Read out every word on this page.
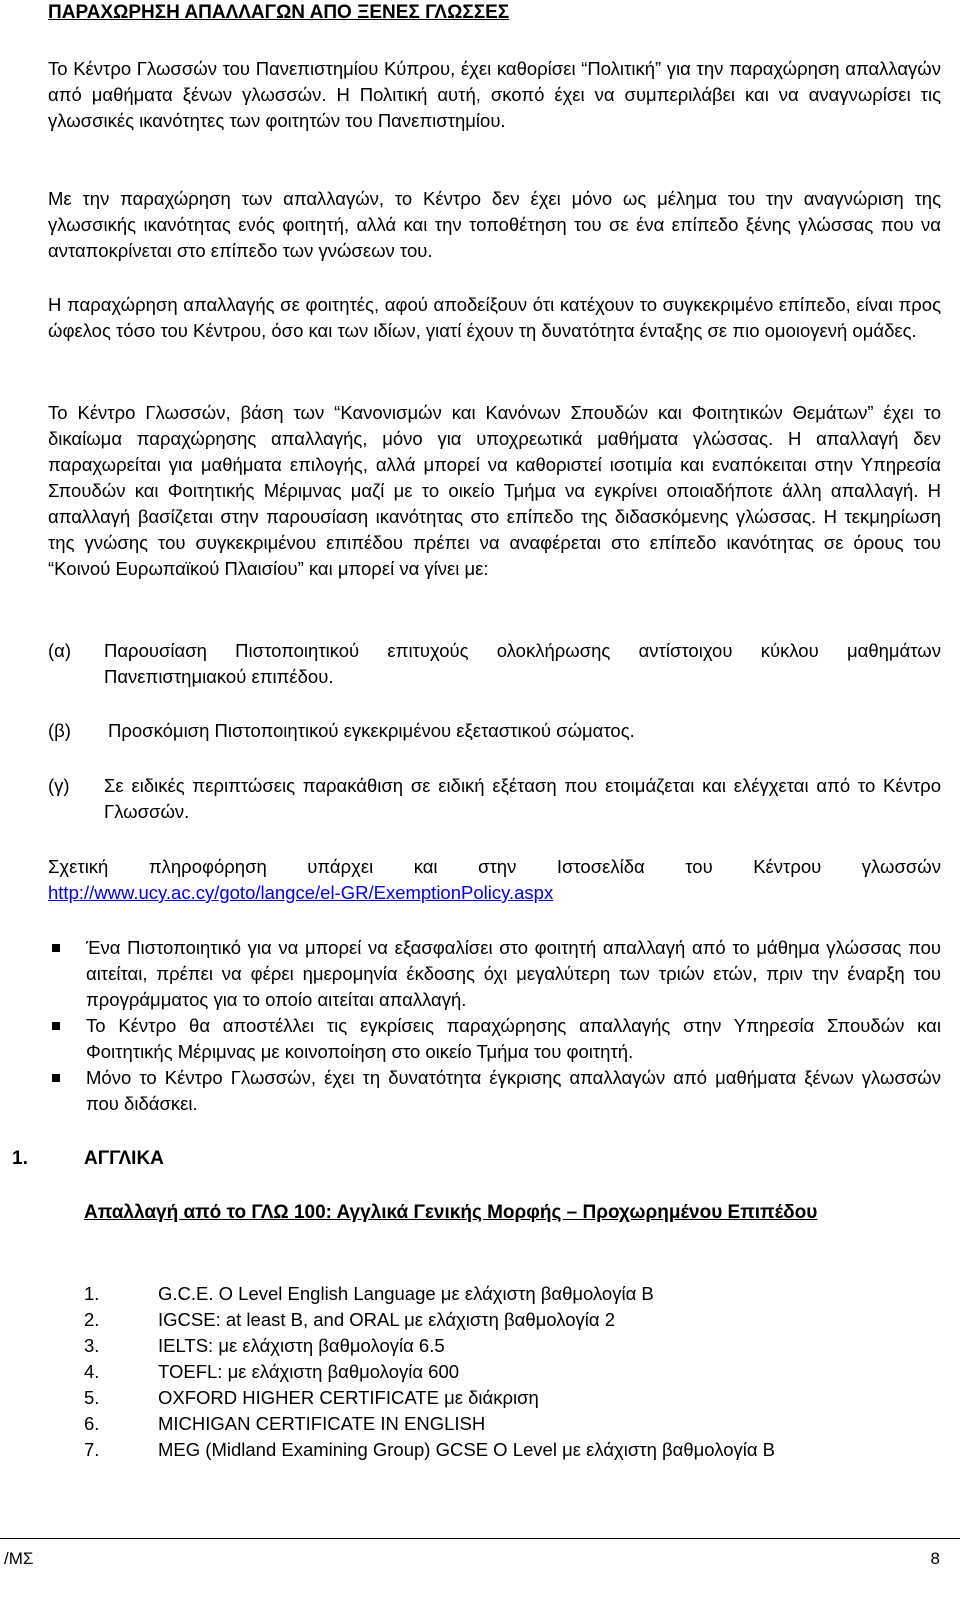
ΠΑΡΑΧΩΡΗΣΗ ΑΠΑΛΛΑΓΩΝ ΑΠΟ ΞΕΝΕΣ ΓΛΩΣΣΕΣ

Το Κέντρο Γλωσσών του Πανεπιστημίου Κύπρου, έχει καθορίσει “Πολιτική” για την παραχώρηση απαλλαγών από μαθήματα ξένων γλωσσών. Η Πολιτική αυτή, σκοπό έχει να συμπεριλάβει και να αναγνωρίσει τις γλωσσικές ικανότητες των φοιτητών του Πανεπιστημίου.

Με την παραχώρηση των απαλλαγών, το Κέντρο δεν έχει μόνο ως μέλημα του την αναγνώριση της γλωσσικής ικανότητας ενός φοιτητή, αλλά και την τοποθέτηση του σε ένα επίπεδο ξένης γλώσσας που να ανταποκρίνεται στο επίπεδο των γνώσεων του.

Η παραχώρηση απαλλαγής σε φοιτητές, αφού αποδείξουν ότι κατέχουν το συγκεκριμένο επίπεδο, είναι προς ώφελος τόσο του Κέντρου, όσο και των ιδίων, γιατί έχουν τη δυνατότητα ένταξης σε πιο ομοιογενή ομάδες.

Το Κέντρο Γλωσσών, βάση των “Κανονισμών και Κανόνων Σπουδών και Φοιτητικών Θεμάτων” έχει το δικαίωμα παραχώρησης απαλλαγής, μόνο για υποχρεωτικά μαθήματα γλώσσας. Η απαλλαγή δεν παραχωρείται για μαθήματα επιλογής, αλλά μπορεί να καθοριστεί ισοτιμία και εναπόκειται στην Υπηρεσία Σπουδών και Φοιτητικής Μέριμνας μαζί με το οικείο Τμήμα να εγκρίνει οποιαδήποτε άλλη απαλλαγή. Η απαλλαγή βασίζεται στην παρουσίαση ικανότητας στο επίπεδο της διδασκόμενης γλώσσας. Η τεκμηρίωση της γνώσης του συγκεκριμένου επιπέδου πρέπει να αναφέρεται στο επίπεδο ικανότητας σε όρους του “Κοινού Ευρωπαϊκού Πλαισίου” και μπορεί να γίνει με:

(α) Παρουσίαση Πιστοποιητικού επιτυχούς ολοκλήρωσης αντίστοιχου κύκλου μαθημάτων Πανεπιστημιακού επιπέδου.

(β) Προσκόμιση Πιστοποιητικού εγκεκριμένου εξεταστικού σώματος.

(γ) Σε ειδικές περιπτώσεις παρακάθιση σε ειδική εξέταση που ετοιμάζεται και ελέγχεται από το Κέντρο Γλωσσών.

Σχετική πληροφόρηση υπάρχει και στην Ιστοσελίδα του Κέντρου γλωσσών

http://www.ucy.ac.cy/goto/langce/el-GR/ExemptionPolicy.aspx
Ένα Πιστοποιητικό για να μπορεί να εξασφαλίσει στο φοιτητή απαλλαγή από το μάθημα γλώσσας που αιτείται, πρέπει να φέρει ημερομηνία έκδοσης όχι μεγαλύτερη των τριών ετών, πριν την έναρξη του προγράμματος για το οποίο αιτείται απαλλαγή.
Το Κέντρο θα αποστέλλει τις εγκρίσεις παραχώρησης απαλλαγής στην Υπηρεσία Σπουδών και Φοιτητικής Μέριμνας με κοινοποίηση στο οικείο Τμήμα του φοιτητή.
Μόνο το Κέντρο Γλωσσών, έχει τη δυνατότητα έγκρισης απαλλαγών από μαθήματα ξένων γλωσσών που διδάσκει.
1.	ΑΓΓΛΙΚΑ
Απαλλαγή από το ΓΛΩ 100: Αγγλικά Γενικής Μορφής – Προχωρημένου Επιπέδου
1.	G.C.E. O Level English Language με ελάχιστη βαθμολογία B
2.	IGCSE: at least B, and ORAL με ελάχιστη βαθμολογία 2
3.	IELTS: με ελάχιστη βαθμολογία 6.5
4.	TOEFL: με ελάχιστη βαθμολογία 600
5.	OXFORD HIGHER CERTIFICATE με διάκριση
6.	MICHIGAN CERTIFICATE IN ENGLISH
7.	MEG (Midland Examining Group) GCSE O Level με ελάχιστη βαθμολογία B
/ΜΣ	8
